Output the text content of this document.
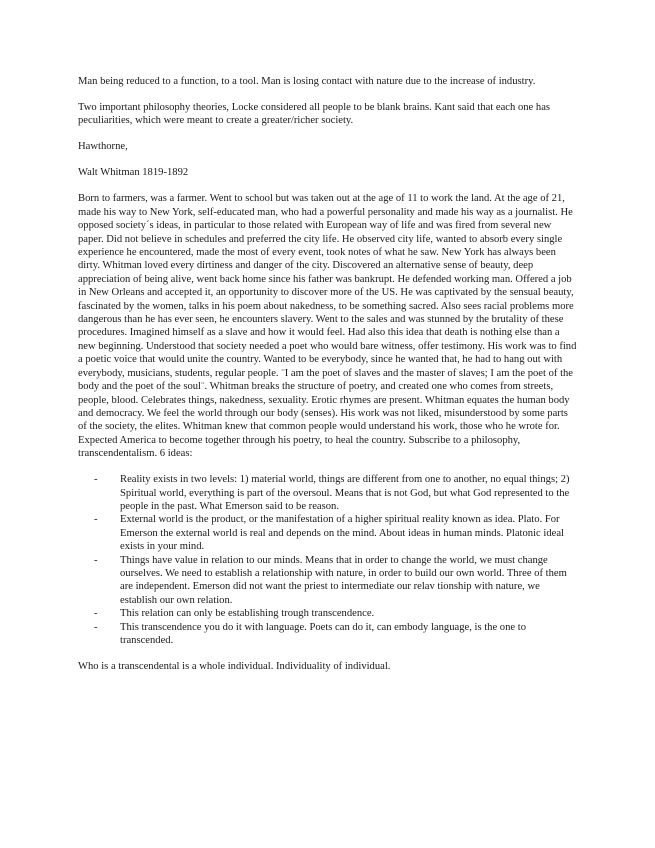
Man being reduced to a function, to a tool. Man is losing contact with nature due to the increase of industry.

Two important philosophy theories, Locke considered all people to be blank brains. Kant said that each one has peculiarities, which were meant to create a greater/richer society.

Hawthorne,

Walt Whitman 1819-1892

Born to farmers, was a farmer. Went to school but was taken out at the age of 11 to work the land. At the age of 21, made his way to New York, self-educated man, who had a powerful personality and made his way as a journalist. He opposed society´s ideas, in particular to those related with European way of life and was fired from several new paper. Did not believe in schedules and preferred the city life. He observed city life, wanted to absorb every single experience he encountered, made the most of every event, took notes of what he saw. New York has always been dirty. Whitman loved every dirtiness and danger of the city. Discovered an alternative sense of beauty, deep appreciation of being alive, went back home since his father was bankrupt. He defended working man. Offered a job in New Orleans and accepted it, an opportunity to discover more of the US. He was captivated by the sensual beauty, fascinated by the women, talks in his poem about nakedness, to be something sacred. Also sees racial problems more dangerous than he has ever seen, he encounters slavery. Went to the sales and was stunned by the brutality of these procedures. Imagined himself as a slave and how it would feel. Had also this idea that death is nothing else than a new beginning. Understood that society needed a poet who would bare witness, offer testimony. His work was to find a poetic voice that would unite the country. Wanted to be everybody, since he wanted that, he had to hang out with everybody, musicians, students, regular people. ¨I am the poet of slaves and the master of slaves; I am the poet of the body and the poet of the soul¨. Whitman breaks the structure of poetry, and created one who comes from streets, people, blood. Celebrates things, nakedness, sexuality. Erotic rhymes are present. Whitman equates the human body and democracy. We feel the world through our body (senses). His work was not liked, misunderstood by some parts of the society, the elites. Whitman knew that common people would understand his work, those who he wrote for. Expected America to become together through his poetry, to heal the country. Subscribe to a philosophy, transcendentalism. 6 ideas:

- Reality exists in two levels: 1) material world, things are different from one to another, no equal things; 2) Spiritual world, everything is part of the oversoul. Means that is not God, but what God represented to the people in the past. What Emerson said to be reason.
- External world is the product, or the manifestation of a higher spiritual reality known as idea. Plato. For Emerson the external world is real and depends on the mind. About ideas in human minds. Platonic ideal exists in your mind.
- Things have value in relation to our minds. Means that in order to change the world, we must change ourselves. We need to establish a relationship with nature, in order to build our own world. Three of them are independent. Emerson did not want the priest to intermediate our relav tionship with nature, we establish our own relation.
- This relation can only be establishing trough transcendence.
- This transcendence you do it with language. Poets can do it, can embody language, is the one to transcended.

Who is a transcendental is a whole individual. Individuality of individual.
